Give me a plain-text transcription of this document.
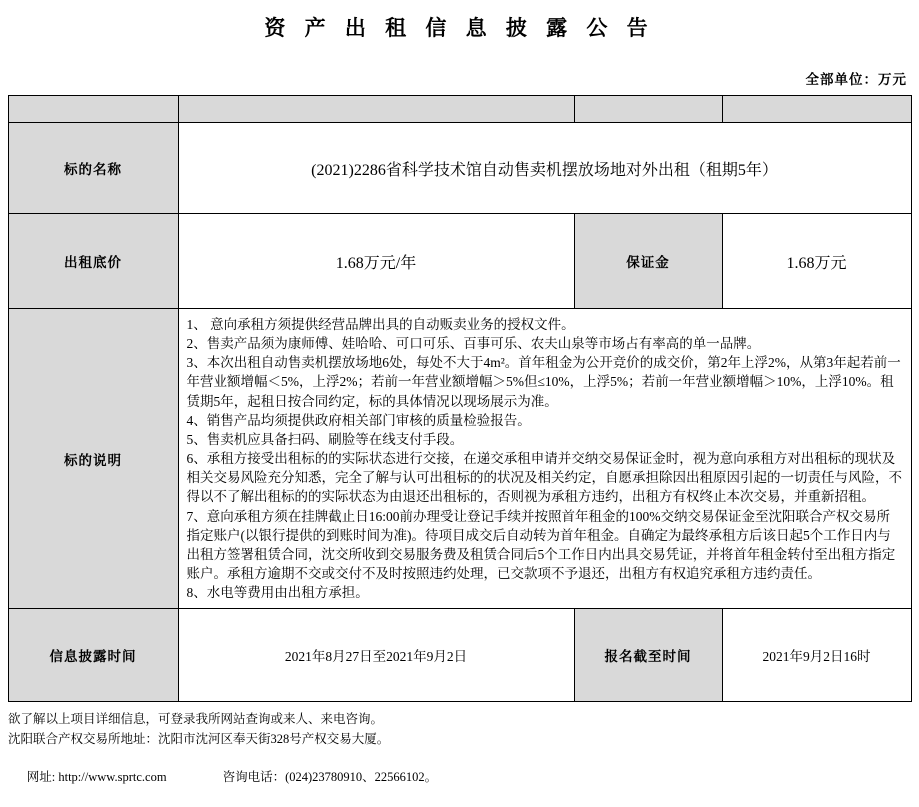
资 产 出 租 信 息 披 露 公 告
全部单位：万元

标的名称	(2021)2286省科学技术馆自动售卖机摆放场地对外出租（租期5年）		
出租底价	1.68万元/年	保证金	1.68万元
标的说明	

1、 意向承租方须提供经营品牌出具的自动贩卖业务的授权文件。

2、售卖产品须为康师傅、娃哈哈、可口可乐、百事可乐、农夫山泉等市场占有率高的单一品牌。

3、本次出租自动售卖机摆放场地6处，每处不大于4m²。首年租金为公开竞价的成交价，第2年上浮2%，从第3年起若前一年营业额增幅＜5%，上浮2%；若前一年营业额增幅＞5%但≤10%，上浮5%；若前一年营业额增幅＞10%，上浮10%。租赁期5年，起租日按合同约定，标的具体情况以现场展示为准。

4、销售产品均须提供政府相关部门审核的质量检验报告。

5、售卖机应具备扫码、刷脸等在线支付手段。

6、承租方接受出租标的的实际状态进行交接，在递交承租申请并交纳交易保证金时，视为意向承租方对出租标的现状及相关交易风险充分知悉，完全了解与认可出租标的的状况及相关约定，自愿承担除因出租原因引起的一切责任与风险，不得以不了解出租标的的实际状态为由退还出租标的，否则视为承租方违约，出租方有权终止本次交易，并重新招租。

7、意向承租方须在挂牌截止日16:00前办理受让登记手续并按照首年租金的100%交纳交易保证金至沈阳联合产权交易所指定账户(以银行提供的到账时间为准)。待项目成交后自动转为首年租金。自确定为最终承租方后该日起5个工作日内与出租方签署租赁合同，沈交所收到交易服务费及租赁合同后5个工作日内出具交易凭证，并将首年租金转付至出租方指定账户。承租方逾期不交或交付不及时按照违约处理，已交款项不予退还，出租方有权追究承租方违约责任。

8、水电等费用由出租方承担。

信息披露时间	2021年8月27日至2021年9月2日	报名截至时间	2021年9月2日16时
欲了解以上项目详细信息，可登录我所网站查询或来人、来电咨询。
沈阳联合产权交易所地址：沈阳市沈河区奉天街328号产权交易大厦。

网址: http://www.sprtc.com	咨询电话：(024)23780910、22566102。
